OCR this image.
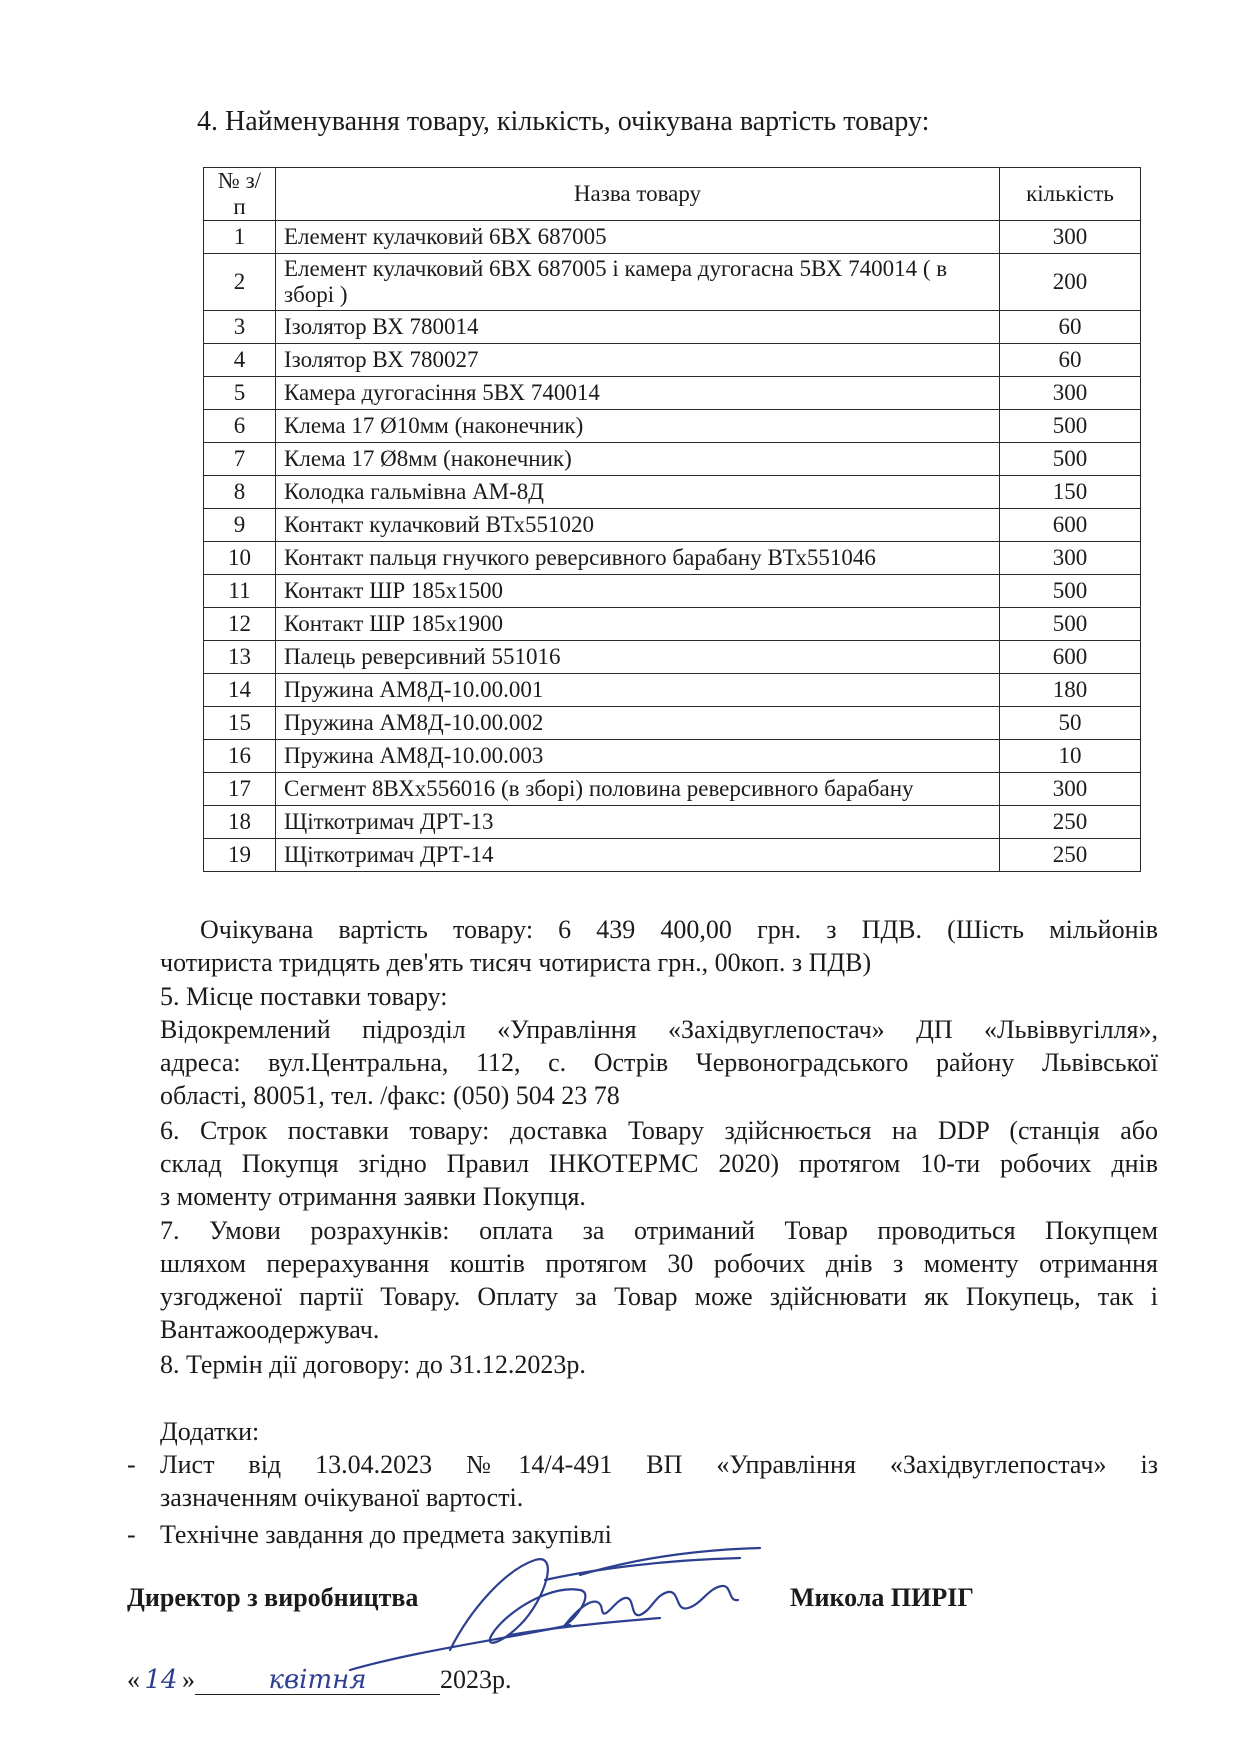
4. Найменування товару, кількість, очікувана вартість товару:
№ з/п	Назва товару	кількість
1	Елемент кулачковий 6ВХ 687005	300
2	Елемент кулачковий 6ВХ 687005 і камера дугогасна 5ВХ 740014 ( в зборі )	200
3	Ізолятор ВХ 780014	60
4	Ізолятор ВХ 780027	60
5	Камера дугогасіння 5ВХ 740014	300
6	Клема 17 Ø10мм (наконечник)	500
7	Клема 17 Ø8мм (наконечник)	500
8	Колодка гальмівна АМ-8Д	150
9	Контакт кулачковий ВТх551020	600
10	Контакт пальця гнучкого реверсивного барабану ВТх551046	300
11	Контакт ШР 185х1500	500
12	Контакт ШР 185х1900	500
13	Палець реверсивний 551016	600
14	Пружина АМ8Д-10.00.001	180
15	Пружина АМ8Д-10.00.002	50
16	Пружина АМ8Д-10.00.003	10
17	Сегмент 8ВХх556016 (в зборі) половина реверсивного барабану	300
18	Щіткотримач ДРТ-13	250
19	Щіткотримач ДРТ-14	250
Очікувана вартість товару: 6 439 400,00 грн. з ПДВ. (Шість мільйонів
чотириста тридцять дев'ять тисяч чотириста грн., 00коп. з ПДВ)
5. Місце поставки товару:
Відокремлений підрозділ «Управління «Західвуглепостач» ДП «Львіввугілля»,
адреса: вул.Центральна, 112, с. Острів Червоноградського району Львівської
області, 80051, тел. /факс: (050) 504 23 78
6. Строк поставки товару: доставка Товару здійснюється на DDP (станція або
склад Покупця згідно Правил ІНКОТЕРМС 2020) протягом 10-ти робочих днів
з моменту отримання заявки Покупця.
7. Умови розрахунків: оплата за отриманий Товар проводиться Покупцем
шляхом перерахування коштів протягом 30 робочих днів з моменту отримання
узгодженої партії Товару. Оплату за Товар може здійснювати як Покупець, так і
Вантажоодержувач.
8. Термін дії договору: до 31.12.2023р.
Додатки:
- Лист від 13.04.2023 №14/4-491 ВП «Управління «Західвуглепостач» із
зазначенням очікуваної вартості.
- Технічне завдання до предмета закупівлі
Директор з виробництва	Микола ПИРІГ
« 14 »	квітня	2023р.
